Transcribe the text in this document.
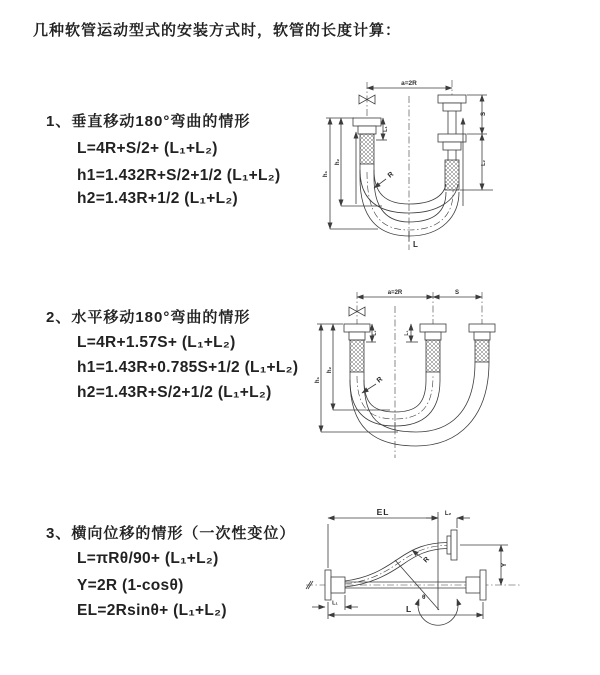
几种软管运动型式的安装方式时，软管的长度计算：
1、垂直移动180°弯曲的情形
L=4R+S/2+ (L₁+L₂)
h1=1.432R+S/2+1/2 (L₁+L₂)
h2=1.43R+1/2 (L₁+L₂)
2、水平移动180°弯曲的情形
L=4R+1.57S+ (L₁+L₂)
h1=1.43R+0.785S+1/2 (L₁+L₂)
h2=1.43R+S/2+1/2 (L₁+L₂)
3、横向位移的情形（一次性变位）
L=πRθ/90+ (L₁+L₂)
Y=2R (1-cosθ)
EL=2Rsinθ+ (L₁+L₂)
a=2R
L₁
h₁
h₂
S
L₂
R
L
a=2R	S
h₁
h₂
L₁	L₁
R
EL	L₂
Y
L
L₁
θ
R
